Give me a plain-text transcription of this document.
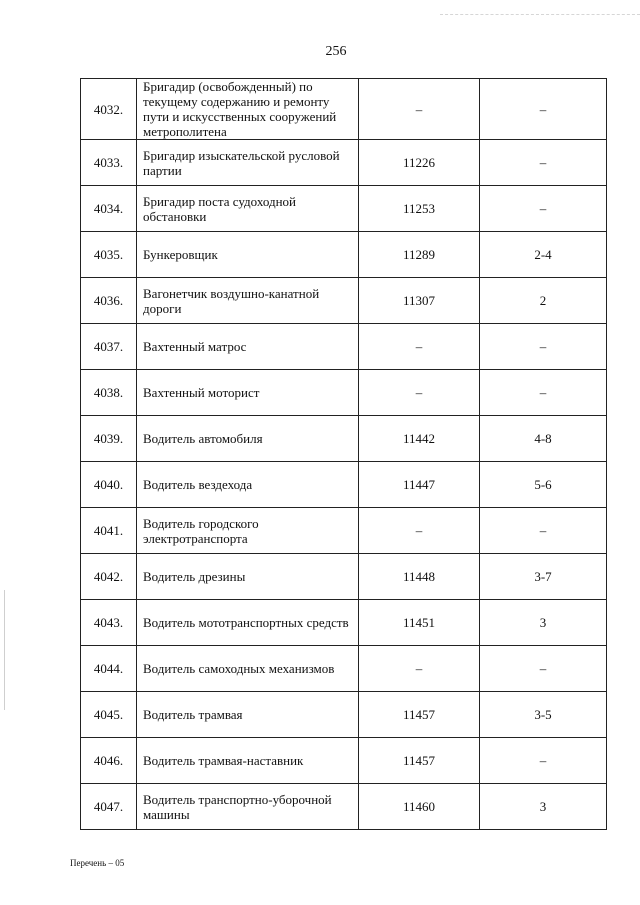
256
4032.	Бригадир (освобожденный) по текущему содержанию и ремонту пути и искусственных сооружений метрополитена	–	–
4033.	Бригадир изыскательской русловой партии	11226	–
4034.	Бригадир поста судоходной обстановки	11253	–
4035.	Бункеровщик	11289	2-4
4036.	Вагонетчик воздушно-канатной дороги	11307	2
4037.	Вахтенный матрос	–	–
4038.	Вахтенный моторист	–	–
4039.	Водитель автомобиля	11442	4-8
4040.	Водитель вездехода	11447	5-6
4041.	Водитель городского электротранспорта	–	–
4042.	Водитель дрезины	11448	3-7
4043.	Водитель мототранспортных средств	11451	3
4044.	Водитель самоходных механизмов	–	–
4045.	Водитель трамвая	11457	3-5
4046.	Водитель трамвая-наставник	11457	–
4047.	Водитель транспортно-уборочной машины	11460	3
Перечень – 05
